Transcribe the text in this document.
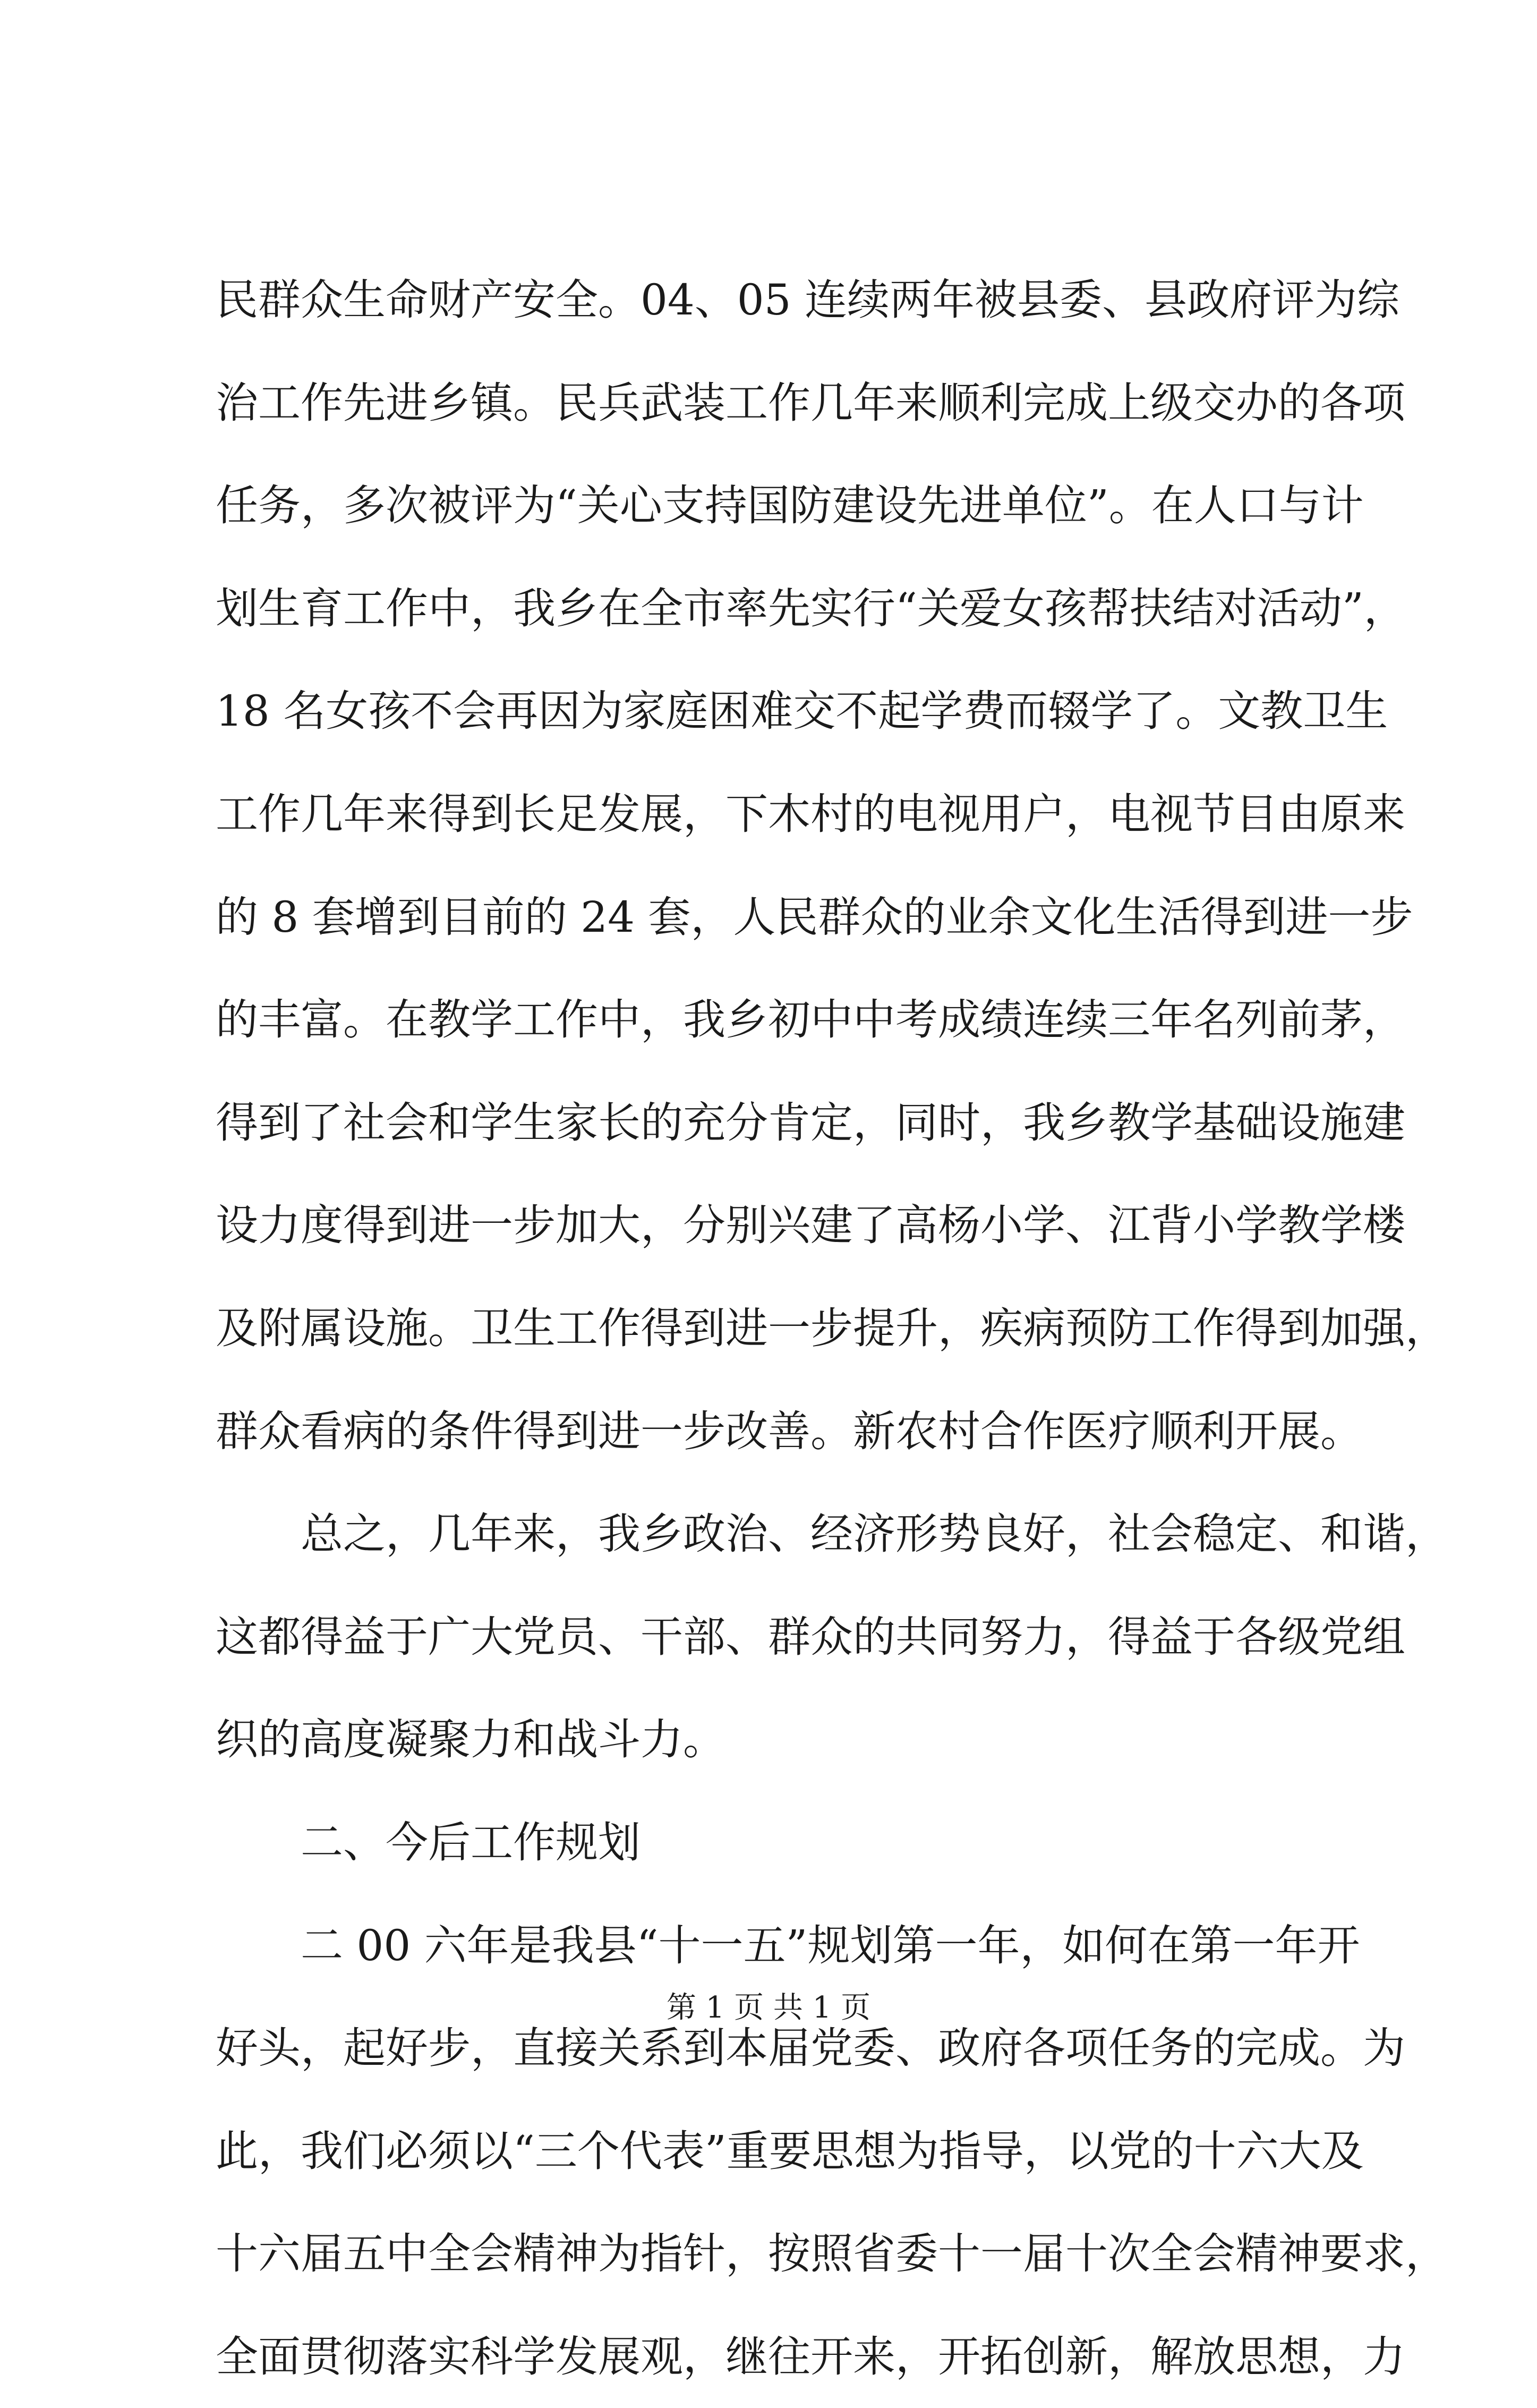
民群众生命财产安全。04、05 连续两年被县委、县政府评为综
治工作先进乡镇。民兵武装工作几年来顺利完成上级交办的各项
任务，多次被评为“关心支持国防建设先进单位”。在人口与计
划生育工作中，我乡在全市率先实行“关爱女孩帮扶结对活动”，
18 名女孩不会再因为家庭困难交不起学费而辍学了。文教卫生
工作几年来得到长足发展，下木村的电视用户，电视节目由原来
的 8 套增到目前的 24 套，人民群众的业余文化生活得到进一步
的丰富。在教学工作中，我乡初中中考成绩连续三年名列前茅，
得到了社会和学生家长的充分肯定，同时，我乡教学基础设施建
设力度得到进一步加大，分别兴建了高杨小学、江背小学教学楼
及附属设施。卫生工作得到进一步提升，疾病预防工作得到加强，
群众看病的条件得到进一步改善。新农村合作医疗顺利开展。
总之，几年来，我乡政治、经济形势良好，社会稳定、和谐，
这都得益于广大党员、干部、群众的共同努力，得益于各级党组
织的高度凝聚力和战斗力。
二、今后工作规划
二 00 六年是我县“十一五”规划第一年，如何在第一年开
好头，起好步，直接关系到本届党委、政府各项任务的完成。为
此，我们必须以“三个代表”重要思想为指导，以党的十六大及
十六届五中全会精神为指针，按照省委十一届十次全会精神要求，
全面贯彻落实科学发展观，继往开来，开拓创新，解放思想，力
第 1 页 共 1 页
